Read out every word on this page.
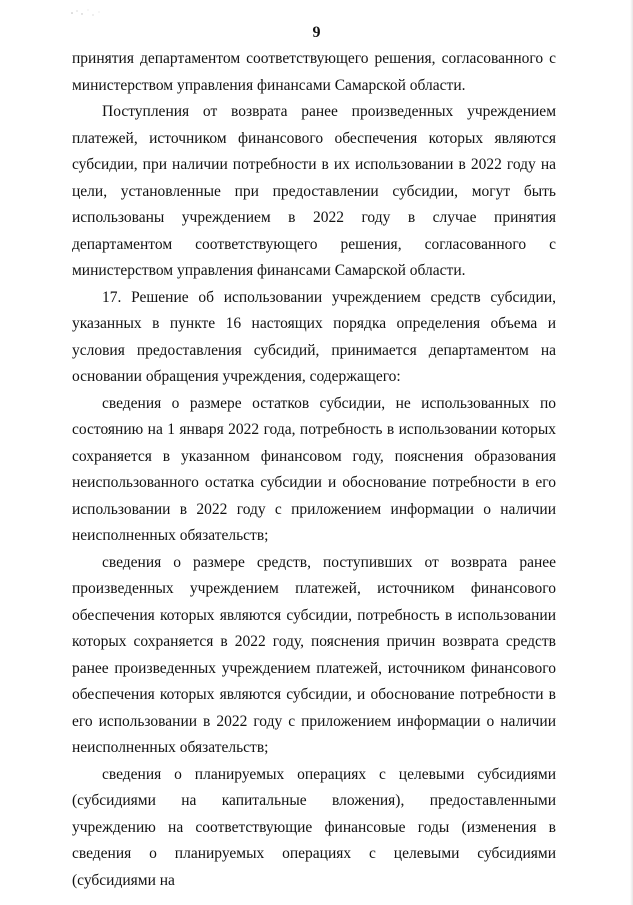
9

принятия департаментом соответствующего решения, согласованного с министерством управления финансами Самарской области.

Поступления от возврата ранее произведенных учреждением платежей, источником финансового обеспечения которых являются субсидии, при наличии потребности в их использовании в 2022 году на цели, установленные при предоставлении субсидии, могут быть использованы учреждением в 2022 году в случае принятия департаментом соответствующего решения, согласованного с министерством управления финансами Самарской области.

17. Решение об использовании учреждением средств субсидии, указанных в пункте 16 настоящих порядка определения объема и условия предоставления субсидий, принимается департаментом на основании обращения учреждения, содержащего:

сведения о размере остатков субсидии, не использованных по состоянию на 1 января 2022 года, потребность в использовании которых сохраняется в указанном финансовом году, пояснения образования неиспользованного остатка субсидии и обоснование потребности в его использовании в 2022 году с приложением информации о наличии неисполненных обязательств;

сведения о размере средств, поступивших от возврата ранее произведенных учреждением платежей, источником финансового обеспечения которых являются субсидии, потребность в использовании которых сохраняется в 2022 году, пояснения причин возврата средств ранее произведенных учреждением платежей, источником финансового обеспечения которых являются субсидии, и обоснование потребности в его использовании в 2022 году с приложением информации о наличии неисполненных обязательств;

сведения о планируемых операциях с целевыми субсидиями (субсидиями на капитальные вложения), предоставленными учреждению на соответствующие финансовые годы (изменения в сведения о планируемых операциях с целевыми субсидиями (субсидиями на
